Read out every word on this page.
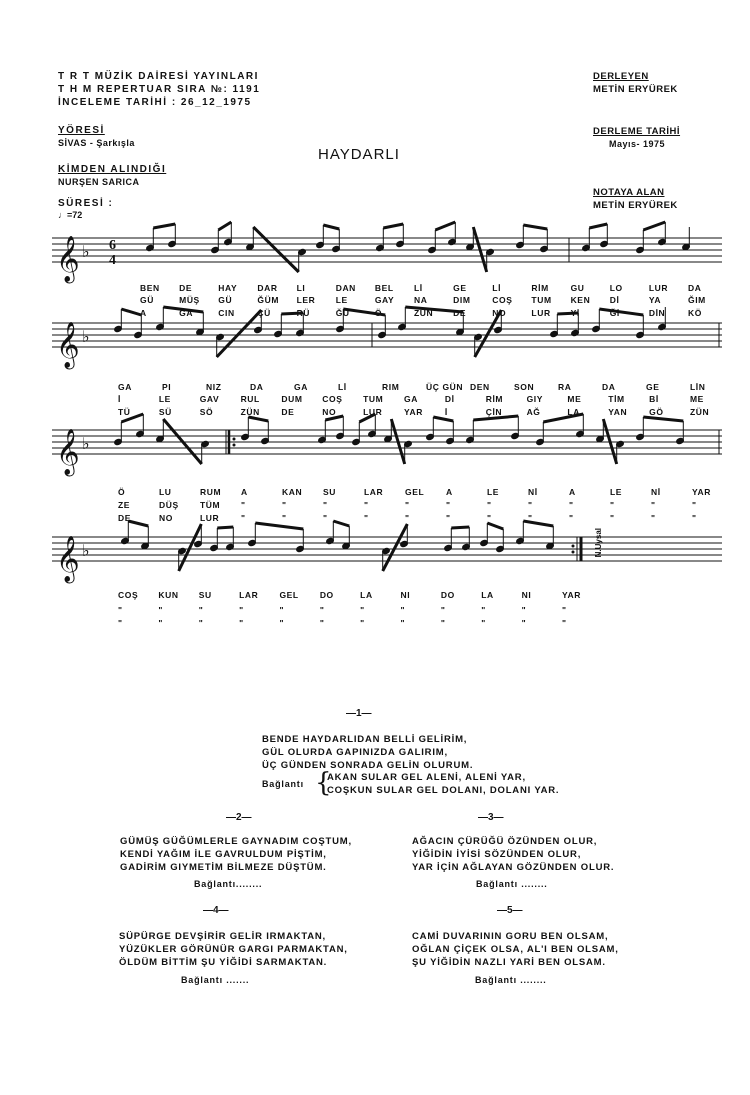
T R T MÜZİK DAİRESİ YAYINLARI
T H M REPERTUAR SIRA №: 1191
İNCELEME TARİHİ : 26_12_1975
YÖRESİ
SİVAS - Şarkışla
KİMDEN ALINDIĞI
NURŞEN SARICA
SÜRESİ :
♩=72
HAYDARLI
DERLEYEN
METİN ERYÜREK
DERLEME TARİHİ
Mayıs- 1975
NOTAYA ALAN
METİN ERYÜREK
𝄞
𝄞
𝄞
𝄞
♭
♭
♭
♭
6
4
N.Uysal
BEN DE	HAY DAR LI	DAN BEL Lİ	GE	Lİ	RİM	GU	LO	LUR DA
GÜ	MÜŞ GÜ	ĞÜM LER LE	GAY NA	DIM	COŞ TUM KEN Dİ	YA	ĞIM
A	ĞA	CIN	ÇÜ	RÜ	ĞÜ	Ö	ZÜN DE	NO	LUR Yİ	Ğİ	DİN	KÖ
GA	PI	NIZ	DA	GA	Lİ	RIM	ÜÇ GÜN DEN	SON	RA	DA	GE	LİN
İ	LE	GAV	RUL	DUM COŞ TUM GA	Dİ	RİM	GIY	ME	TİM	Bİ	ME
TÜ	SÜ	SÖ	ZÜN	DE	NO	LUR	YAR	İ	ÇİN	AĞ	LA	YAN	GÖ	ZÜN
Ö	LU	RUM A	KAN SU	LAR	GEL	A	LE	Nİ	A	LE	Nİ	YAR
ZE	DÜŞ	TÜM "	"	"	"	"	"	"	"	"	"	"	"
DE	NO	LUR	"	"	"	"	"	"	"	"	"	"	"	"
COŞ KUN SU	LAR GEL DO	LA	NI	DO	LA	NI	YAR
"	"	"	"	"	"	"	"	"	"	"	"
"	"	"	"	"	"	"	"	"	"	"	"
—1—
BENDE HAYDARLIDAN BELLİ GELİRİM,
GÜL OLURDA GAPINIZDA GALIRIM,
ÜÇ GÜNDEN SONRADA GELİN OLURUM.
Bağlantı {
AKAN SULAR GEL ALENİ, ALENİ YAR,
COŞKUN SULAR GEL DOLANI, DOLANI YAR.
—2—
GÜMÜŞ GÜĞÜMLERLE GAYNADIM COŞTUM,
KENDİ YAĞIM İLE GAVRULDUM PİŞTİM,
GADİRİM GIYMETİM BİLMEZE DÜŞTÜM.
Bağlantı........
—3—
AĞACIN ÇÜRÜĞÜ ÖZÜNDEN OLUR,
YİĞİDİN İYİSİ SÖZÜNDEN OLUR,
YAR İÇİN AĞLAYAN GÖZÜNDEN OLUR.
Bağlantı ........
—4—
SÜPÜRGE DEVŞİRİR GELİR IRMAKTAN,
YÜZÜKLER GÖRÜNÜR GARGI PARMAKTAN,
ÖLDÜM BİTTİM ŞU YİĞİDİ SARMAKTAN.
Bağlantı .......
—5—
CAMİ DUVARININ GORU BEN OLSAM,
OĞLAN ÇİÇEK OLSA, AL'I BEN OLSAM,
ŞU YİĞİDİN NAZLI YARİ BEN OLSAM.
Bağlantı ........
